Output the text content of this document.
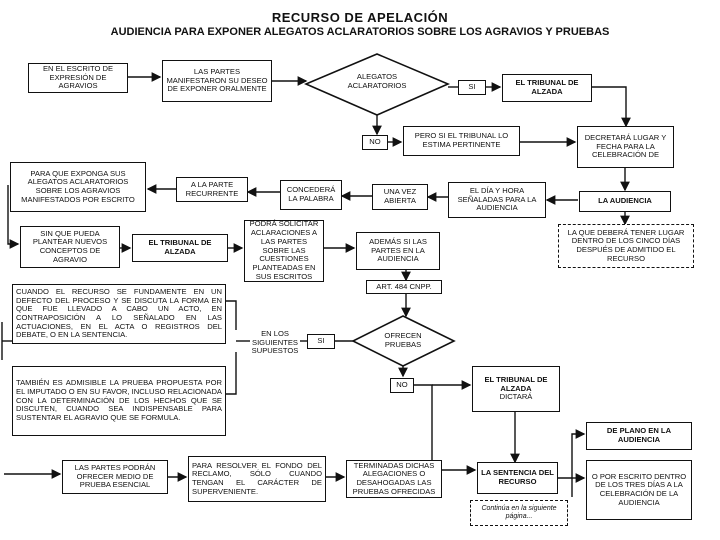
RECURSO DE APELACIÓN
AUDIENCIA PARA EXPONER ALEGATOS ACLARATORIOS SOBRE LOS AGRAVIOS Y PRUEBAS
EN EL ESCRITO DE EXPRESIÓN DE AGRAVIOS
LAS PARTES MANIFESTARON SU DESEO DE EXPONER ORALMENTE
ALEGATOS ACLARATORIOS	SI	EL TRIBUNAL DE ALZADA
NO
PERO SI EL TRIBUNAL LO ESTIMA PERTINENTE
DECRETARÁ LUGAR Y FECHA PARA LA CELEBRACIÓN DE
LA AUDIENCIA
LA QUE DEBERÁ TENER LUGAR DENTRO DE LOS CINCO DÍAS DESPUÉS DE ADMITIDO EL RECURSO
EL DÍA Y HORA SEÑALADAS PARA LA AUDIENCIA
UNA VEZ ABIERTA
CONCEDERÁ LA PALABRA
A LA PARTE RECURRENTE
PARA QUE EXPONGA SUS ALEGATOS ACLARATORIOS SOBRE LOS AGRAVIOS MANIFESTADOS POR ESCRITO
SIN QUE PUEDA PLANTEAR NUEVOS CONCEPTOS DE AGRAVIO
EL TRIBUNAL DE ALZADA
PODRÁ SOLICITAR ACLARACIONES A LAS PARTES SOBRE LAS CUESTIONES PLANTEADAS EN SUS ESCRITOS
ADEMÁS SI LAS PARTES EN LA AUDIENCIA
ART. 484 CNPP.
CUANDO EL RECURSO SE FUNDAMENTE EN UN DEFECTO DEL PROCESO Y SE DISCUTA LA FORMA EN QUE FUE LLEVADO A CABO UN ACTO, EN CONTRAPOSICIÓN A LO SEÑALADO EN LAS ACTUACIONES, EN EL ACTA O REGISTROS DEL DEBATE, O EN LA SENTENCIA.	EN LOS SIGUIENTES SUPUESTOS
SI
OFRECEN PRUEBAS
NO
TAMBIÉN ES ADMISIBLE LA PRUEBA PROPUESTA POR EL IMPUTADO O EN SU FAVOR, INCLUSO RELACIONADA CON LA DETERMINACIÓN DE LOS HECHOS QUE SE DISCUTEN, CUANDO SEA INDISPENSABLE PARA SUSTENTAR EL AGRAVIO QUE SE FORMULA.
EL TRIBUNAL DE ALZADA
DICTARÁ
LAS PARTES PODRÁN OFRECER MEDIO DE PRUEBA ESENCIAL
PARA RESOLVER EL FONDO DEL RECLAMO, SÓLO CUANDO TENGAN EL CARÁCTER DE SUPERVENIENTE.
TERMINADAS DICHAS ALEGACIONES O DESAHOGADAS LAS PRUEBAS OFRECIDAS
LA SENTENCIA DEL RECURSO
DE PLANO EN LA AUDIENCIA
O POR ESCRITO DENTRO DE LOS TRES DÍAS A LA CELEBRACIÓN DE LA AUDIENCIA
Continúa en la siguiente página...
